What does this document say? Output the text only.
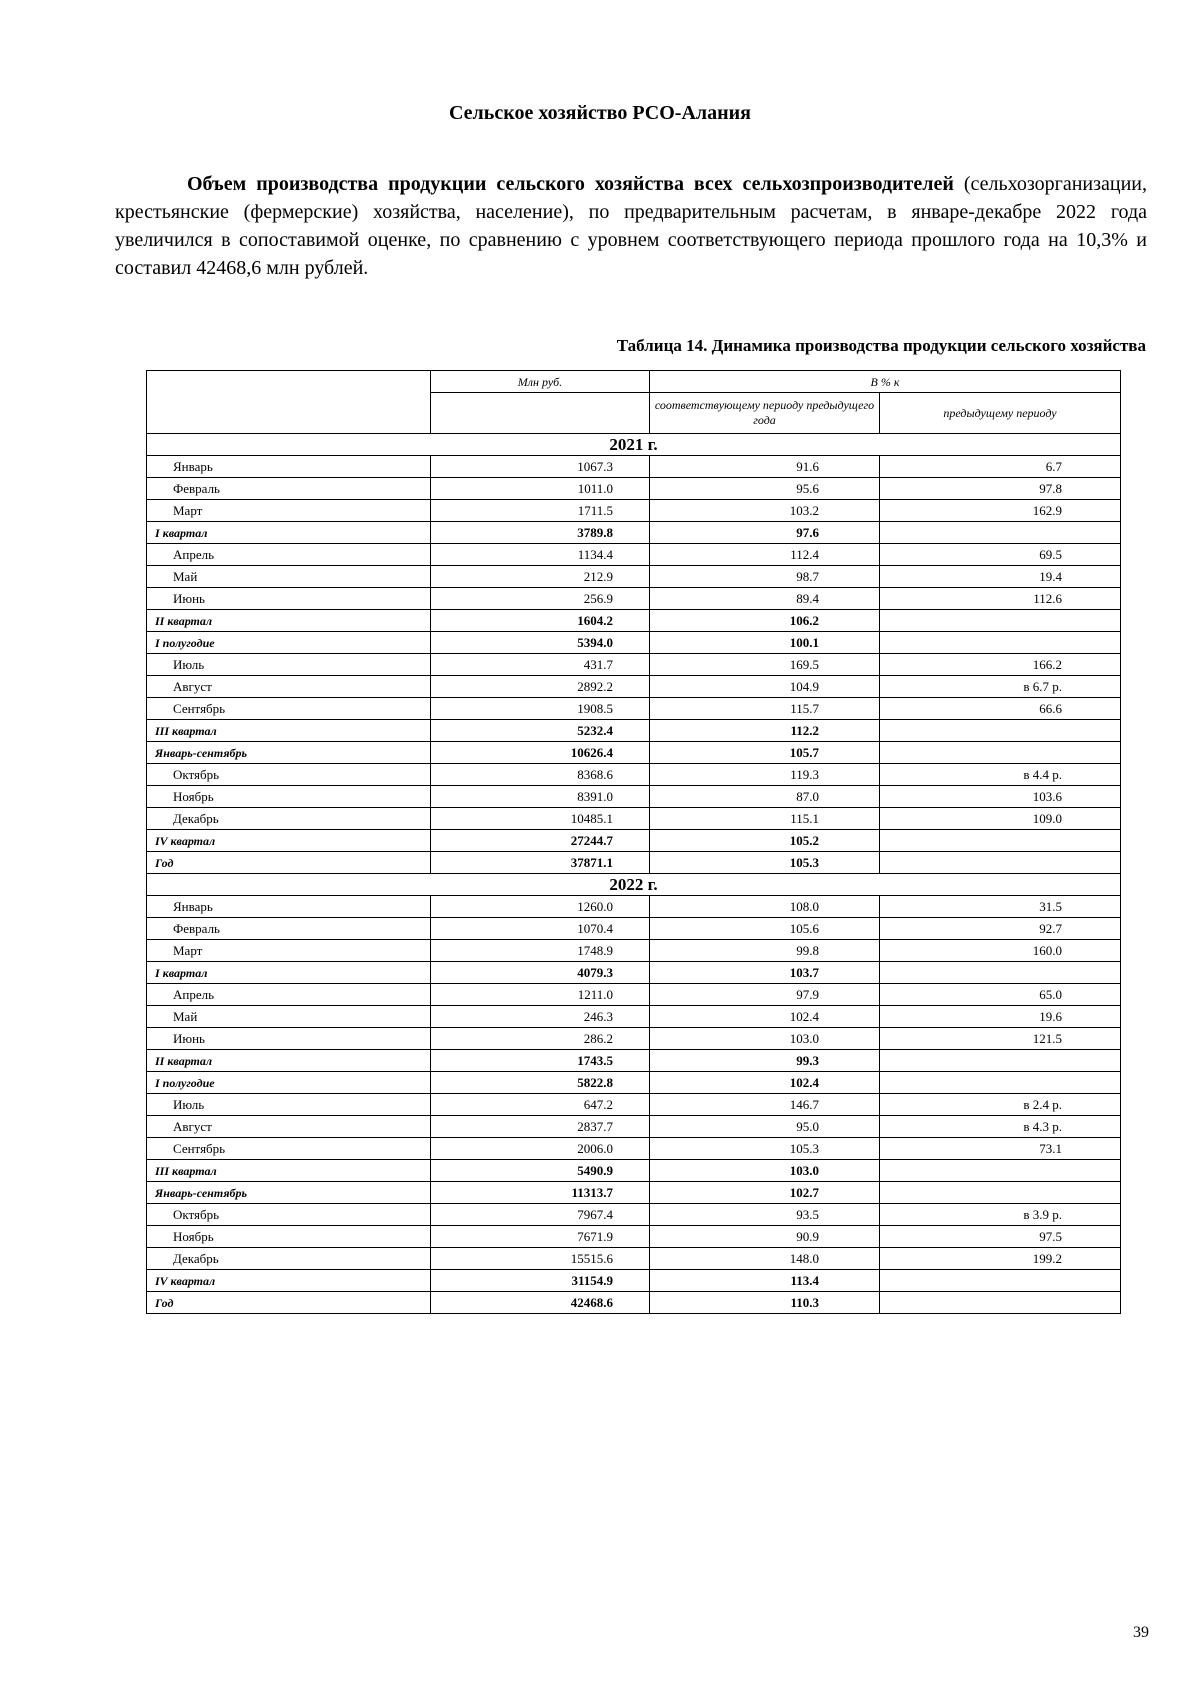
Сельское хозяйство РСО-Алания

Объем производства продукции сельского хозяйства всех сельхозпроизводителей (сельхозорганизации, крестьянские (фермерские) хозяйства, население), по предварительным расчетам, в январе-декабре 2022 года увеличился в сопоставимой оценке, по сравнению с уровнем соответствующего периода прошлого года на 10,3% и составил 42468,6 млн рублей.

Таблица 14. Динамика производства продукции сельского хозяйства
	Млн руб.	В % к	
		соответствующему периоду предыдущего года	предыдущему периоду
2021 г.			
Январь	1067.3	91.6	6.7
Февраль	1011.0	95.6	97.8
Март	1711.5	103.2	162.9
I квартал	3789.8	97.6	
Апрель	1134.4	112.4	69.5
Май	212.9	98.7	19.4
Июнь	256.9	89.4	112.6
II квартал	1604.2	106.2	
I полугодие	5394.0	100.1	
Июль	431.7	169.5	166.2
Август	2892.2	104.9	в 6.7 р.
Сентябрь	1908.5	115.7	66.6
III квартал	5232.4	112.2	
Январь-сентябрь	10626.4	105.7	
Октябрь	8368.6	119.3	в 4.4 р.
Ноябрь	8391.0	87.0	103.6
Декабрь	10485.1	115.1	109.0
IV квартал	27244.7	105.2	
Год	37871.1	105.3	
2022 г.			
Январь	1260.0	108.0	31.5
Февраль	1070.4	105.6	92.7
Март	1748.9	99.8	160.0
I квартал	4079.3	103.7	
Апрель	1211.0	97.9	65.0
Май	246.3	102.4	19.6
Июнь	286.2	103.0	121.5
II квартал	1743.5	99.3	
I полугодие	5822.8	102.4	
Июль	647.2	146.7	в 2.4 р.
Август	2837.7	95.0	в 4.3 р.
Сентябрь	2006.0	105.3	73.1
III квартал	5490.9	103.0	
Январь-сентябрь	11313.7	102.7	
Октябрь	7967.4	93.5	в 3.9 р.
Ноябрь	7671.9	90.9	97.5
Декабрь	15515.6	148.0	199.2
IV квартал	31154.9	113.4	
Год	42468.6	110.3	
39
